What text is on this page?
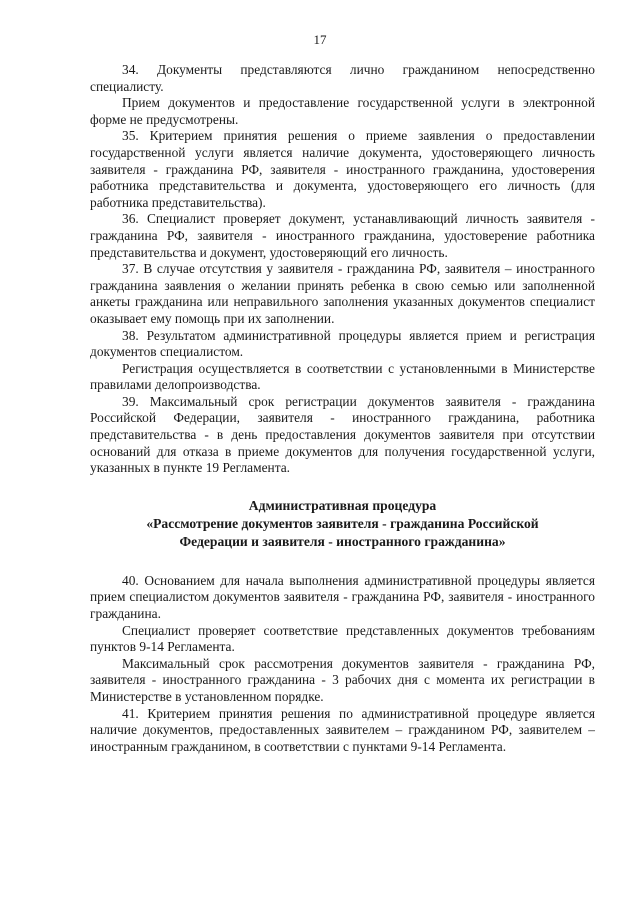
17

34. Документы представляются лично гражданином непосредственно специалисту.

Прием документов и предоставление государственной услуги в электронной форме не предусмотрены.

35. Критерием принятия решения о приеме заявления о предоставлении государственной услуги является наличие документа, удостоверяющего личность заявителя - гражданина РФ, заявителя - иностранного гражданина, удостоверения работника представительства и документа, удостоверяющего его личность (для работника представительства).

36. Специалист проверяет документ, устанавливающий личность заявителя - гражданина РФ, заявителя - иностранного гражданина, удостоверение работника представительства и документ, удостоверяющий его личность.

37. В случае отсутствия у заявителя - гражданина РФ, заявителя – иностранного гражданина заявления о желании принять ребенка в свою семью или заполненной анкеты гражданина или неправильного заполнения указанных документов специалист оказывает ему помощь при их заполнении.

38. Результатом административной процедуры является прием и регистрация документов специалистом.

Регистрация осуществляется в соответствии с установленными в Министерстве правилами делопроизводства.

39. Максимальный срок регистрации документов заявителя - гражданина Российской Федерации, заявителя - иностранного гражданина, работника представительства - в день предоставления документов заявителя при отсутствии оснований для отказа в приеме документов для получения государственной услуги, указанных в пункте 19 Регламента.

Административная процедура
«Рассмотрение документов заявителя - гражданина Российской
Федерации и заявителя - иностранного гражданина»

40. Основанием для начала выполнения административной процедуры является прием специалистом документов заявителя - гражданина РФ, заявителя - иностранного гражданина.

Специалист проверяет соответствие представленных документов требованиям пунктов 9-14 Регламента.

Максимальный срок рассмотрения документов заявителя - гражданина РФ, заявителя - иностранного гражданина - 3 рабочих дня с момента их регистрации в Министерстве в установленном порядке.

41. Критерием принятия решения по административной процедуре является наличие документов, предоставленных заявителем – гражданином РФ, заявителем – иностранным гражданином, в соответствии с пунктами 9-14 Регламента.
